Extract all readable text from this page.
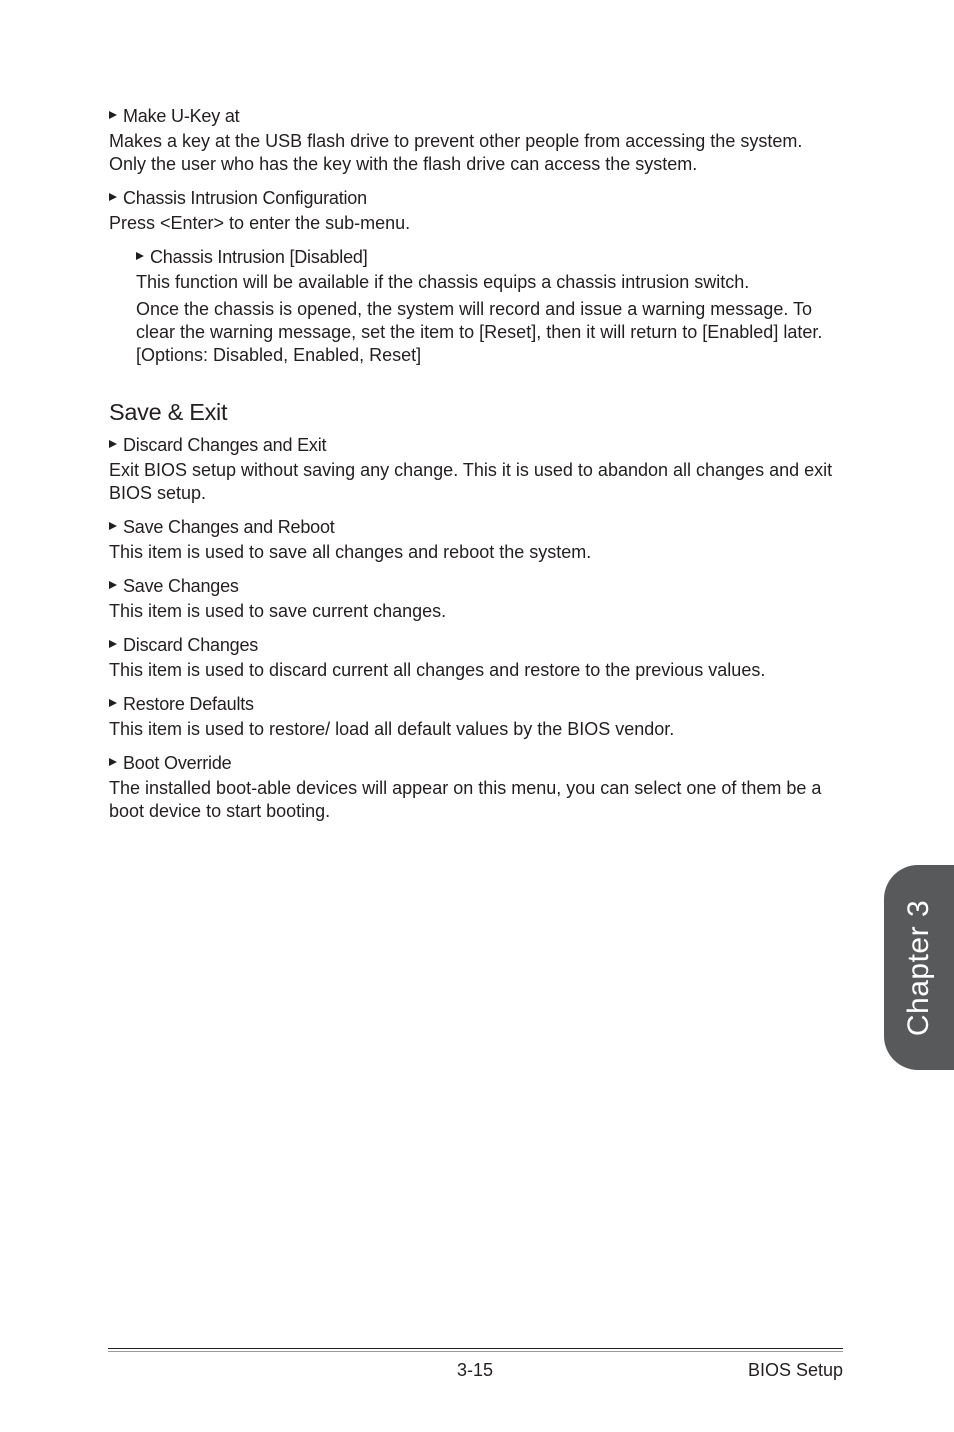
Make U-Key at

Makes a key at the USB flash drive to prevent other people from accessing the system. Only the user who has the key with the flash drive can access the system.

Chassis Intrusion Configuration

Press <Enter> to enter the sub-menu.

Chassis Intrusion [Disabled]

This function will be available if the chassis equips a chassis intrusion switch.

Once the chassis is opened, the system will record and issue a warning message. To clear the warning message, set the item to [Reset], then it will return to [Enabled] later. [Options: Disabled, Enabled, Reset]

Save & Exit

Discard Changes and Exit

Exit BIOS setup without saving any change. This it is used to abandon all changes and exit BIOS setup.

Save Changes and Reboot

This item is used to save all changes and reboot the system.

Save Changes

This item is used to save current changes.

Discard Changes

This item is used to discard current all changes and restore to the previous values.

Restore Defaults

This item is used to restore/ load all default values by the BIOS vendor.

Boot Override

The installed boot-able devices will appear on this menu, you can select one of them be a boot device to start booting.

Chapter 3
3-15	BIOS Setup
